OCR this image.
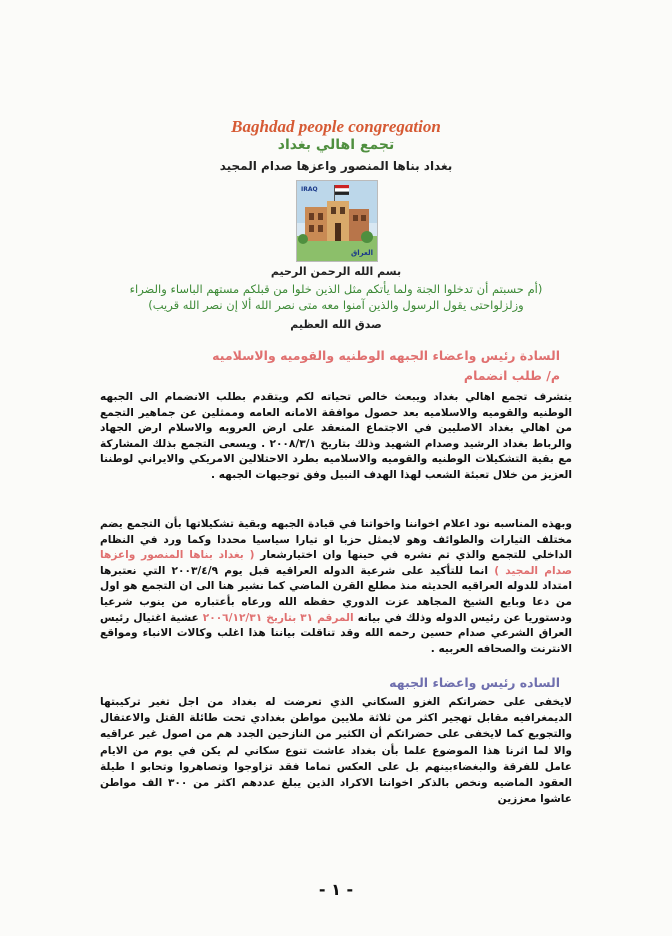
Baghdad people congregation
تجمع اهالي بغداد
بغداد بناها المنصور واعزها صدام المجيد
IRAQ
العراق
بسم الله الرحمن الرحيم
(أم حسبتم أن تدخلوا الجنة ولما يأتكم مثل الذين خلوا من قبلكم مستهم الباساء والضراء
وزلزلواحتى يقول الرسول والذين آمنوا معه متى نصر الله ألا إن نصر الله قريب)
صدق الله العظيم
السادة رئيس واعضاء الجبهه الوطنيه والقوميه والاسلاميه
م/ طلب انضمام

يتشرف تجمع اهالي بغداد ويبعث خالص تحياته لكم ويتقدم بطلب الانضمام الى الجبهه الوطنيه والقوميه والاسلاميه بعد حصول موافقة الامانه العامه وممثلين عن جماهير التجمع من اهالي بغداد الاصليين في الاجتماع المنعقد على ارض العروبه والاسلام ارض الجهاد والرباط بغداد الرشيد وصدام الشهيد وذلك بتاريخ ٢٠٠٨/٣/١ . ويسعى التجمع بذلك المشاركة مع بقية التشكيلات الوطنيه والقوميه والاسلاميه بطرد الاحتلالين الامريكي والايراني لوطننا العزيز من خلال تعبئة الشعب لهذا الهدف النبيل وفق توجيهات الجبهه .

وبهذه المناسبه نود اعلام اخواننا واخواتنا في قيادة الجبهه وبقية تشكيلاتها بأن التجمع يضم مختلف التيارات والطوائف وهو لايمثل حزبا او تيارا سياسيا محددا وكما ورد في النظام الداخلي للتجمع والذي تم نشره في حينها وان اختيارشعار ( بغداد بناها المنصور واعزها صدام المجيد ) انما للتأكيد على شرعية الدوله العراقيه قبل يوم ٢٠٠٣/٤/٩ التي نعتبرها امتداد للدوله العراقيه الحديثه منذ مطلع القرن الماضي كما نشير هنا الى ان التجمع هو اول من دعا وبايع الشيخ المجاهد عزت الدوري حفظه الله ورعاه بأعتباره من ينوب شرعيا ودستوريا عن رئيس الدوله وذلك في بيانه المرقم ٣١ بتاريخ ٢٠٠٦/١٢/٣١ عشية اغتيال رئيس العراق الشرعي صدام حسين رحمه الله وقد تناقلت بياننا هذا اغلب وكالات الانباء ومواقع الانترنت والصحافه العربيه .

الساده رئيس واعضاء الجبهه

لايخفى على حضراتكم الغزو السكاني الذي تعرضت له بغداد من اجل تغير تركيبتها الديمغرافيه مقابل تهجير اكثر من ثلاثة ملايين مواطن بغدادي تحت طائلة القتل والاعتقال والتجويع كما لايخفى على حضراتكم أن الكثير من النازحين الجدد هم من اصول غير عراقيه والا لما اثرنا هذا الموضوع علما بأن بغداد عاشت تنوع سكاني لم يكن في يوم من الايام عامل للفرقة والبغضاءبينهم بل على العكس تماما فقد تزاوجوا وتصاهروا وتحابو ا طيلة العقود الماضيه ونخص بالذكر اخواننا الاكراد الذين يبلغ عددهم اكثر من ٣٠٠ الف مواطن عاشوا معززين

- ١ -
